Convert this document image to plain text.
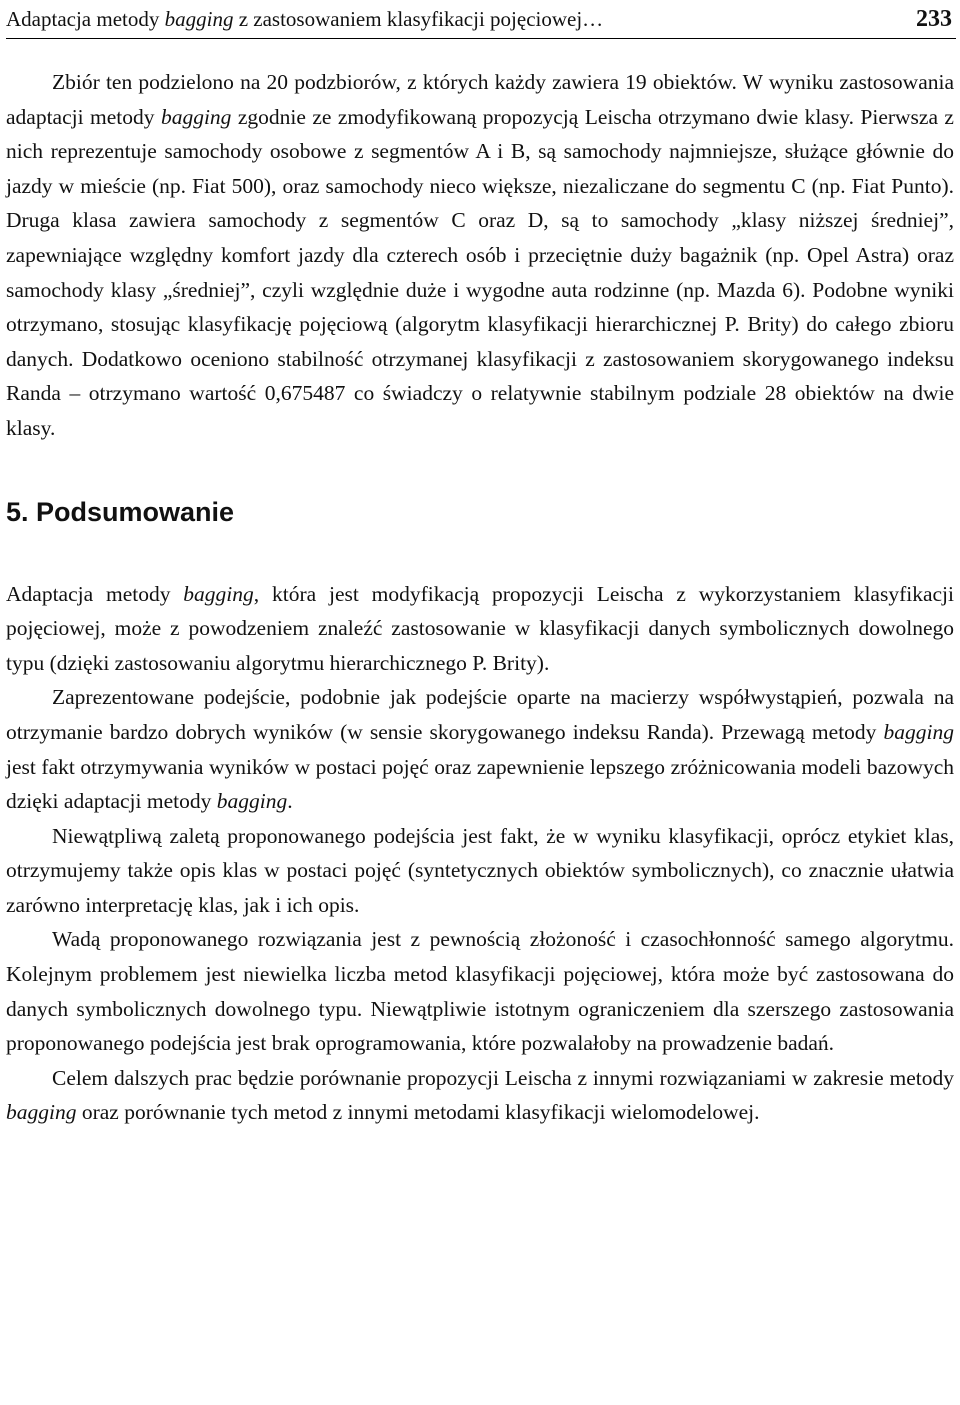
Adaptacja metody bagging z zastosowaniem klasyfikacji pojęciowej…	233

Zbiór ten podzielono na 20 podzbiorów, z których każdy zawiera 19 obiektów. W wyniku zastosowania adaptacji metody bagging zgodnie ze zmodyfikowaną propozycją Leischa otrzymano dwie klasy. Pierwsza z nich reprezentuje samochody osobowe z segmentów A i B, są samochody najmniejsze, służące głównie do jazdy w mieście (np. Fiat 500), oraz samochody nieco większe, niezaliczane do segmentu C (np. Fiat Punto). Druga klasa zawiera samochody z segmentów C oraz D, są to samochody „klasy niższej średniej”, zapewniające względny komfort jazdy dla czterech osób i przeciętnie duży bagażnik (np. Opel Astra) oraz samochody klasy „średniej”, czyli względnie duże i wygodne auta rodzinne (np. Mazda 6). Podobne wyniki otrzymano, stosując klasyfikację pojęciową (algorytm klasyfikacji hierarchicznej P. Brity) do całego zbioru danych. Dodatkowo oceniono stabilność otrzymanej klasyfikacji z zastosowaniem skorygowanego indeksu Randa – otrzymano wartość 0,675487 co świadczy o relatywnie stabilnym podziale 28 obiektów na dwie klasy.

5. Podsumowanie

Adaptacja metody bagging, która jest modyfikacją propozycji Leischa z wykorzystaniem klasyfikacji pojęciowej, może z powodzeniem znaleźć zastosowanie w klasyfikacji danych symbolicznych dowolnego typu (dzięki zastosowaniu algorytmu hierarchicznego P. Brity).

Zaprezentowane podejście, podobnie jak podejście oparte na macierzy współwystąpień, pozwala na otrzymanie bardzo dobrych wyników (w sensie skorygowanego indeksu Randa). Przewagą metody bagging jest fakt otrzymywania wyników w postaci pojęć oraz zapewnienie lepszego zróżnicowania modeli bazowych dzięki adaptacji metody bagging.

Niewątpliwą zaletą proponowanego podejścia jest fakt, że w wyniku klasyfikacji, oprócz etykiet klas, otrzymujemy także opis klas w postaci pojęć (syntetycznych obiektów symbolicznych), co znacznie ułatwia zarówno interpretację klas, jak i ich opis.

Wadą proponowanego rozwiązania jest z pewnością złożoność i czasochłonność samego algorytmu. Kolejnym problemem jest niewielka liczba metod klasyfikacji pojęciowej, która może być zastosowana do danych symbolicznych dowolnego typu. Niewątpliwie istotnym ograniczeniem dla szerszego zastosowania proponowanego podejścia jest brak oprogramowania, które pozwalałoby na prowadzenie badań.

Celem dalszych prac będzie porównanie propozycji Leischa z innymi rozwiązaniami w zakresie metody bagging oraz porównanie tych metod z innymi metodami klasyfikacji wielomodelowej.
